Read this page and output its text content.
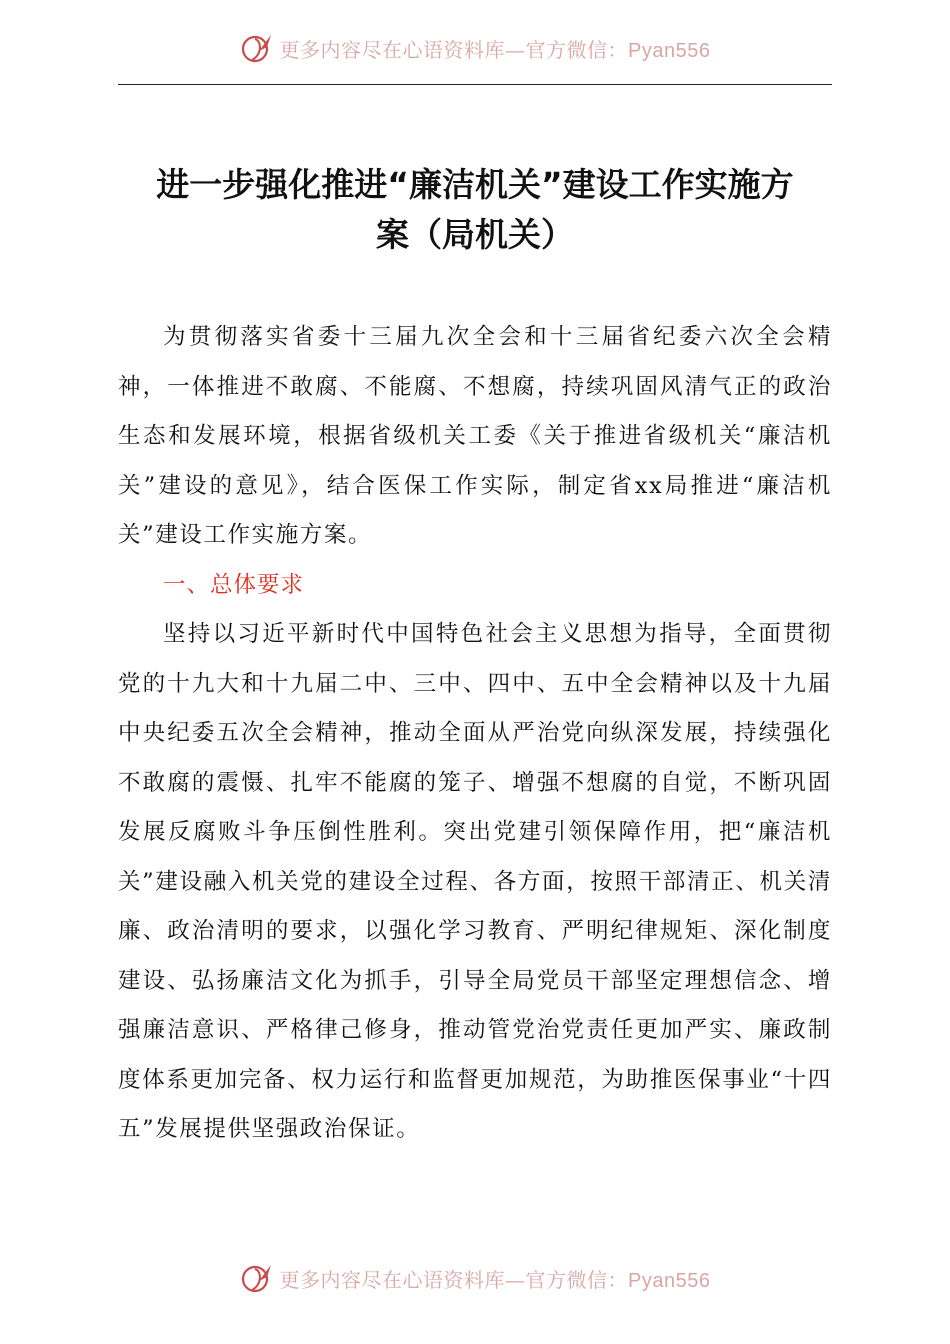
更多内容尽在心语资料库—官方微信：Pyan556
进一步强化推进“廉洁机关”建设工作实施方
案（局机关）

为贯彻落实省委十三届九次全会和十三届省纪委六次全会精神，一体推进不敢腐、不能腐、不想腐，持续巩固风清气正的政治生态和发展环境，根据省级机关工委《关于推进省级机关“廉洁机关”建设的意见》，结合医保工作实际，制定省xx局推进“廉洁机关”建设工作实施方案。

一、总体要求

坚持以习近平新时代中国特色社会主义思想为指导，全面贯彻党的十九大和十九届二中、三中、四中、五中全会精神以及十九届中央纪委五次全会精神，推动全面从严治党向纵深发展，持续强化不敢腐的震慑、扎牢不能腐的笼子、增强不想腐的自觉，不断巩固发展反腐败斗争压倒性胜利。突出党建引领保障作用，把“廉洁机关”建设融入机关党的建设全过程、各方面，按照干部清正、机关清廉、政治清明的要求，以强化学习教育、严明纪律规矩、深化制度建设、弘扬廉洁文化为抓手，引导全局党员干部坚定理想信念、增强廉洁意识、严格律己修身，推动管党治党责任更加严实、廉政制度体系更加完备、权力运行和监督更加规范，为助推医保事业“十四五”发展提供坚强政治保证。

更多内容尽在心语资料库—官方微信：Pyan556
